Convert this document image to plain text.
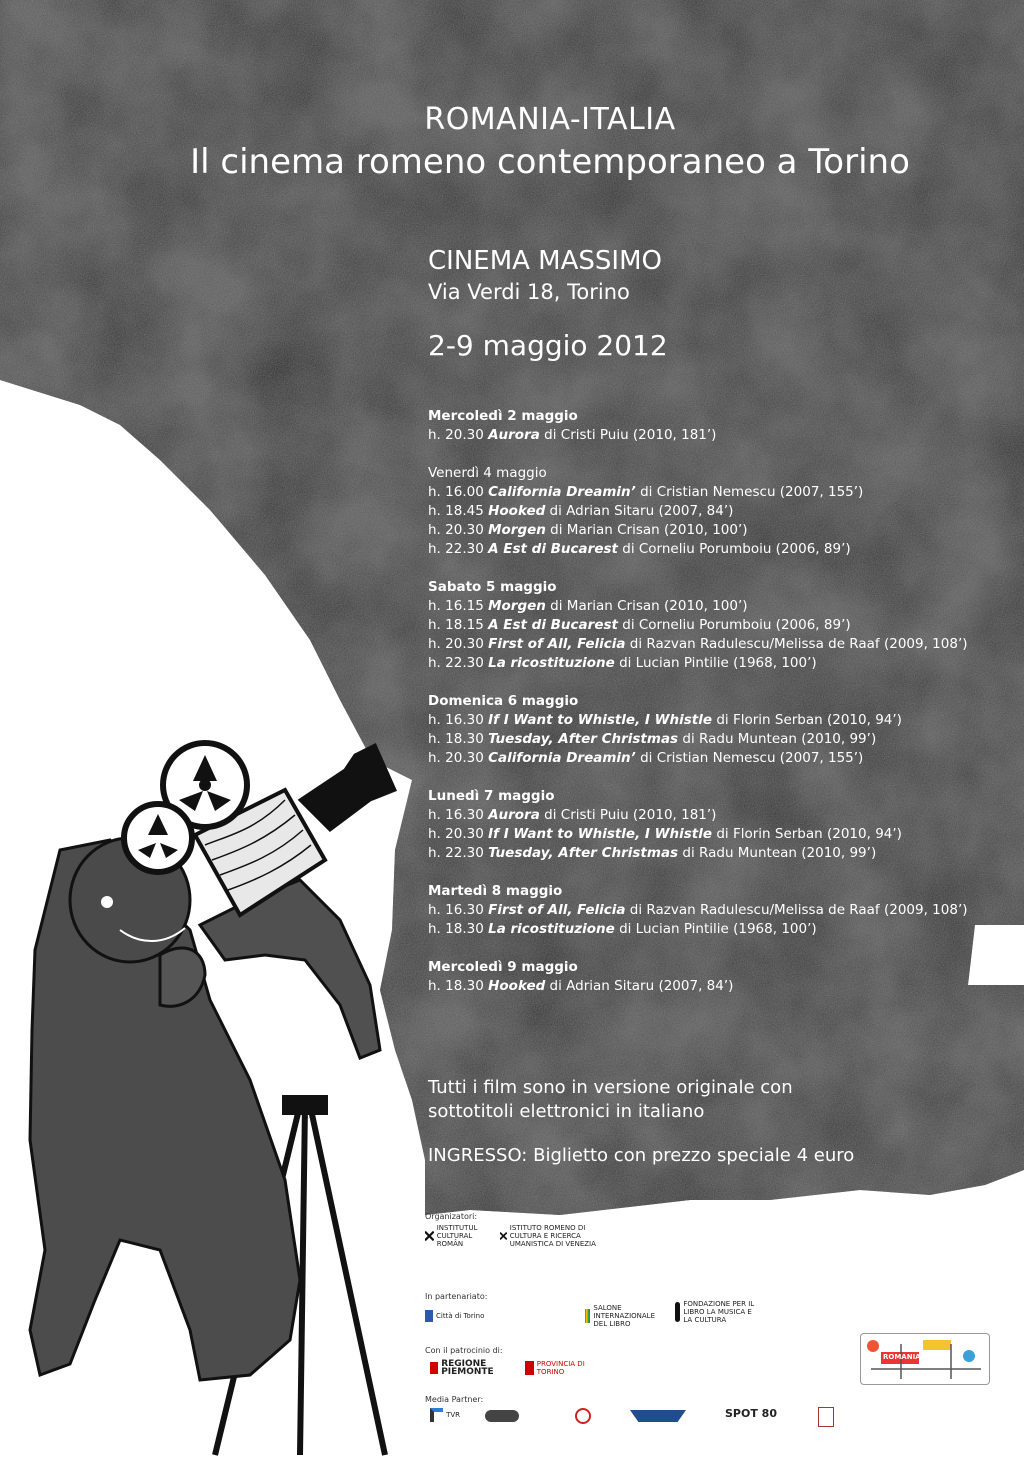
ROMANIA-ITALIA
Il cinema romeno contemporaneo a Torino
CINEMA MASSIMO
Via Verdi 18, Torino
2-9 maggio 2012
Mercoledì 2 maggio
h. 20.30 Aurora di Cristi Puiu (2010, 181’)
Venerdì 4 maggio
h. 16.00 California Dreamin’ di Cristian Nemescu (2007, 155’)
h. 18.45 Hooked di Adrian Sitaru (2007, 84’)
h. 20.30 Morgen di Marian Crisan (2010, 100’)
h. 22.30 A Est di Bucarest di Corneliu Porumboiu (2006, 89’)
Sabato 5 maggio
h. 16.15 Morgen di Marian Crisan (2010, 100’)
h. 18.15 A Est di Bucarest di Corneliu Porumboiu (2006, 89’)
h. 20.30 First of All, Felicia di Razvan Radulescu/Melissa de Raaf (2009, 108’)
h. 22.30 La ricostituzione di Lucian Pintilie (1968, 100’)
Domenica 6 maggio
h. 16.30 If I Want to Whistle, I Whistle di Florin Serban (2010, 94’)
h. 18.30 Tuesday, After Christmas di Radu Muntean (2010, 99’)
h. 20.30 California Dreamin’ di Cristian Nemescu (2007, 155’)
Lunedì 7 maggio
h. 16.30 Aurora di Cristi Puiu (2010, 181’)
h. 20.30 If I Want to Whistle, I Whistle di Florin Serban (2010, 94’)
h. 22.30 Tuesday, After Christmas di Radu Muntean (2010, 99’)
Martedì 8 maggio
h. 16.30 First of All, Felicia di Razvan Radulescu/Melissa de Raaf (2009, 108’)
h. 18.30 La ricostituzione di Lucian Pintilie (1968, 100’)
Mercoledì 9 maggio
h. 18.30 Hooked di Adrian Sitaru (2007, 84’)
Tutti i film sono in versione originale con
sottotitoli elettronici in italiano
INGRESSO: Biglietto con prezzo speciale 4 euro
Organizatori:
INSTITUTUL CULTURAL ROMÂN
ISTITUTO ROMENO DI CULTURA E RICERCA UMANISTICA DI VENEZIA
In partenariato:
Città di Torino
SALONE INTERNAZIONALE DEL LIBRO
FONDAZIONE PER IL LIBRO LA MUSICA E LA CULTURA
Con il patrocinio di:
REGIONE PIEMONTE
PROVINCIA DI TORINO
Media Partner:
TVR	SPOT 80
ROMANIA
